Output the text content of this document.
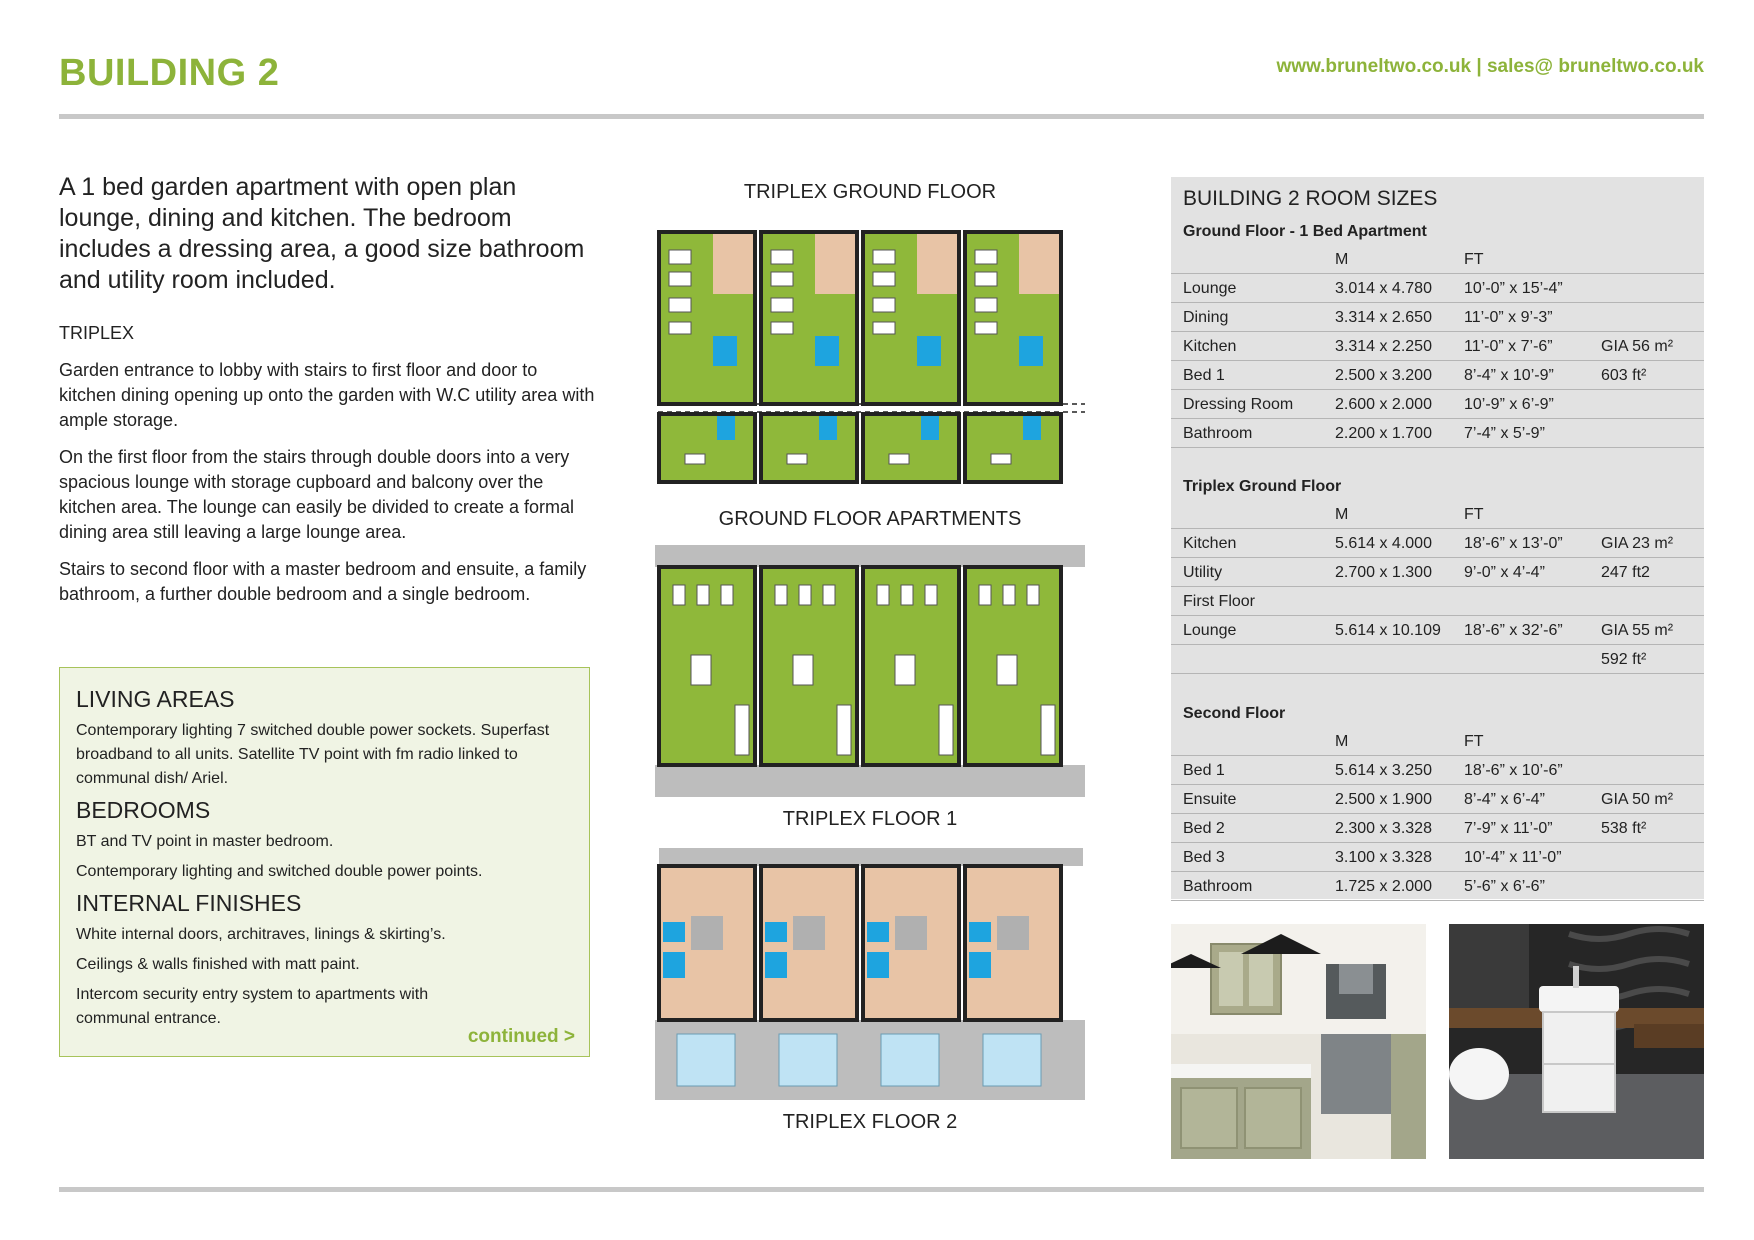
BUILDING 2	www.bruneltwo.co.uk | sales@ bruneltwo.co.uk
A 1 bed garden apartment with open plan lounge, dining and kitchen. The bedroom includes a dressing area, a good size bathroom and utility room included.
TRIPLEX
Garden entrance to lobby with stairs to first floor and door to kitchen dining opening up onto the garden with W.C utility area with ample storage.
On the first floor from the stairs through double doors into a very spacious lounge with storage cupboard and balcony over the kitchen area. The lounge can easily be divided to create a formal dining area still leaving a large lounge area.
Stairs to second floor with a master bedroom and ensuite, a family bathroom, a further double bedroom and a single bedroom.
LIVING AREAS
Contemporary lighting 7 switched double power sockets. Superfast broadband to all units. Satellite TV point with fm radio linked to communal dish/ Ariel.
BEDROOMS
BT and TV point in master bedroom.
Contemporary lighting and switched double power points.
INTERNAL FINISHES
White internal doors, architraves, linings & skirting’s.
Ceilings & walls finished with matt paint.
Intercom security entry system to apartments with communal entrance.
continued >
TRIPLEX GROUND FLOOR
GROUND FLOOR APARTMENTS
TRIPLEX FLOOR 1
TRIPLEX FLOOR 2
BUILDING 2 ROOM SIZES
Ground Floor - 1 Bed Apartment
M	FT
Lounge	3.014 x 4.780 10’-0” x 15’-4”
Dining	3.314 x 2.650 11’-0” x 9’-3”
Kitchen	3.314 x 2.250 11’-0” x 7’-6”	GIA 56 m²
Bed 1	2.500 x 3.200 8’-4” x 10’-9”	603 ft²
Dressing Room	2.600 x 2.000 10’-9” x 6’-9”
Bathroom	2.200 x 1.700 7’-4” x 5’-9”
Triplex Ground Floor
M	FT
Kitchen	5.614 x 4.000 18’-6” x 13’-0” GIA 23 m²
Utility	2.700 x 1.300 9’-0” x 4’-4”	247 ft2
First Floor
Lounge	5.614 x 10.109 18’-6” x 32’-6” GIA 55 m²
592 ft²
Second Floor
M	FT
Bed 1	5.614 x 3.250 18’-6” x 10’-6”
Ensuite	2.500 x 1.900 8’-4” x 6’-4”	GIA 50 m²
Bed 2	2.300 x 3.328 7’-9” x 11’-0”	538 ft²
Bed 3	3.100 x 3.328 10’-4” x 11’-0”
Bathroom	1.725 x 2.000 5’-6” x 6’-6”
